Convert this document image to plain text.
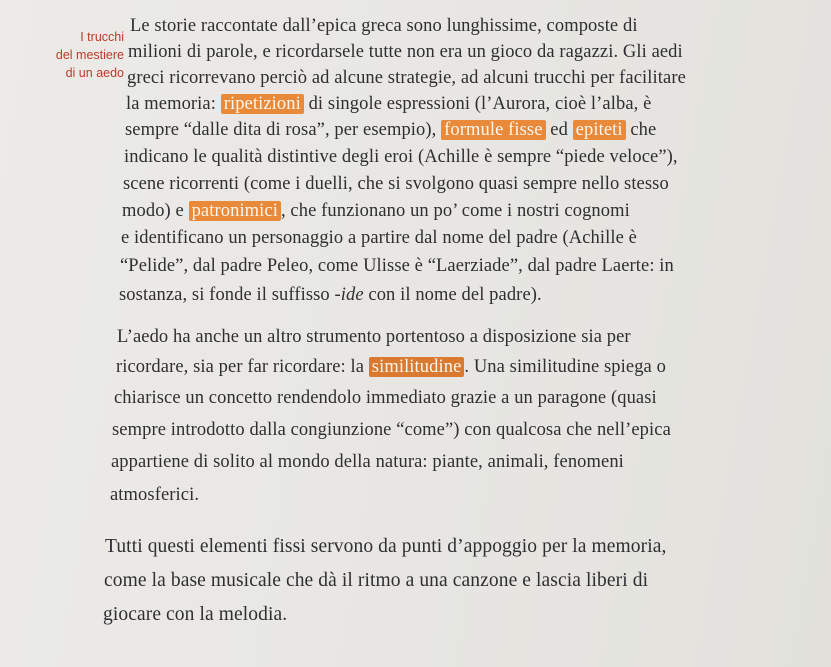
I trucchi
del mestiere
di un aedo
Le storie raccontate dall’epica greca sono lunghissime, composte di
milioni di parole, e ricordarsele tutte non era un gioco da ragazzi. Gli aedi
greci ricorrevano perciò ad alcune strategie, ad alcuni trucchi per facilitare
la memoria: ripetizioni di singole espressioni (l’Aurora, cioè l’alba, è
sempre “dalle dita di rosa”, per esempio), formule fisse ed epiteti che
indicano le qualità distintive degli eroi (Achille è sempre “piede veloce”),
scene ricorrenti (come i duelli, che si svolgono quasi sempre nello stesso
modo) e patronimici , che funzionano un po’ come i nostri cognomi
e identificano un personaggio a partire dal nome del padre (Achille è
“Pelide”, dal padre Peleo, come Ulisse è “Laerziade”, dal padre Laerte: in
sostanza, si fonde il suffisso -ide con il nome del padre).
L’aedo ha anche un altro strumento portentoso a disposizione sia per
ricordare, sia per far ricordare: la similitudine . Una similitudine spiega o
chiarisce un concetto rendendolo immediato grazie a un paragone (quasi
sempre introdotto dalla congiunzione “come”) con qualcosa che nell’epica
appartiene di solito al mondo della natura: piante, animali, fenomeni
atmosferici.
Tutti questi elementi fissi servono da punti d’appoggio per la memoria,
come la base musicale che dà il ritmo a una canzone e lascia liberi di
giocare con la melodia.
